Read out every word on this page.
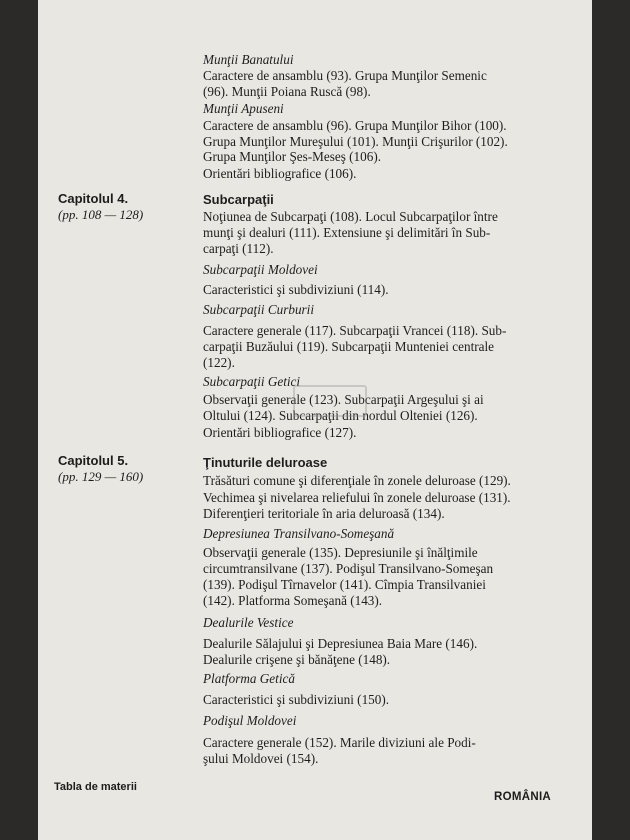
Capitolul 4.
(pp. 108 — 128)
Capitolul 5.
(pp. 129 — 160)
Munţii Banatului
Caractere de ansamblu (93). Grupa Munţilor Semenic
(96). Munţii Poiana Ruscă (98).
Munţii Apuseni
Caractere de ansamblu (96). Grupa Munţilor Bihor (100).
Grupa Munţilor Mureşului (101). Munţii Crişurilor (102).
Grupa Munţilor Şes-Meseş (106).
Orientări bibliografice (106).
Subcarpaţii
Noţiunea de Subcarpaţi (108). Locul Subcarpaţilor între
munţi şi dealuri (111). Extensiune şi delimitări în Sub-
carpaţi (112).
Subcarpaţii Moldovei
Caracteristici şi subdiviziuni (114).
Subcarpaţii Curburii
Caractere generale (117). Subcarpaţii Vrancei (118). Sub-
carpaţii Buzăului (119). Subcarpaţii Munteniei centrale
(122).
Subcarpaţii Getici
Observaţii generale (123). Subcarpaţii Argeşului şi ai
Oltului (124). Subcarpaţii din nordul Olteniei (126).
Orientări bibliografice (127).
Ţinuturile deluroase
Trăsături comune şi diferenţiale în zonele deluroase (129).
Vechimea şi nivelarea reliefului în zonele deluroase (131).
Diferenţieri teritoriale în aria deluroasă (134).
Depresiunea Transilvano-Someşană
Observaţii generale (135). Depresiunile şi înălţimile
circumtransilvane (137). Podişul Transilvano-Someşan
(139). Podişul Tîrnavelor (141). Cîmpia Transilvaniei
(142). Platforma Someşană (143).
Dealurile Vestice
Dealurile Sălajului şi Depresiunea Baia Mare (146).
Dealurile crişene şi bănăţene (148).
Platforma Getică
Caracteristici şi subdiviziuni (150).
Podişul Moldovei
Caractere generale (152). Marile diviziuni ale Podi-
şului Moldovei (154).
Tabla de materii
ROMÂNIA
